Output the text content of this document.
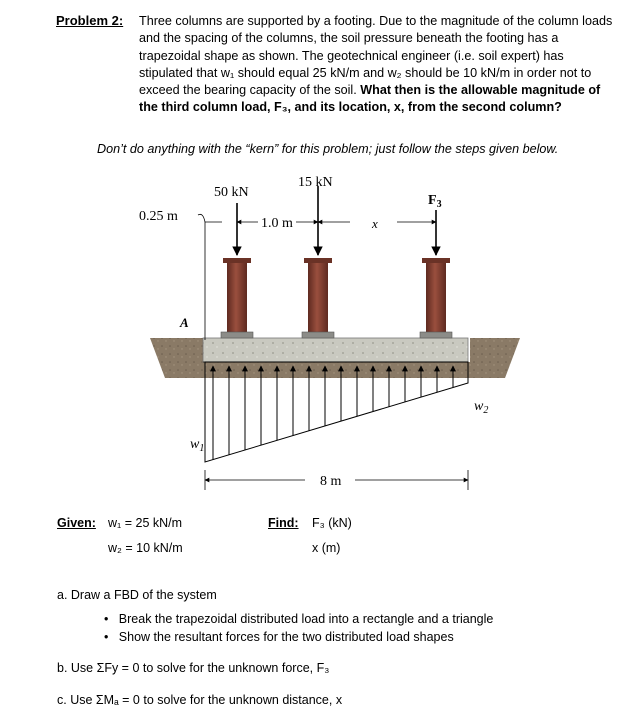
Problem 2: Three columns are supported by a footing. Due to the magnitude of the column loads and the spacing of the columns, the soil pressure beneath the footing has a trapezoidal shape as shown. The geotechnical engineer (i.e. soil expert) has stipulated that w₁ should equal 25 kN/m and w₂ should be 10 kN/m in order not to exceed the bearing capacity of the soil. What then is the allowable magnitude of the third column load, F₃, and its location, x, from the second column?
Don’t do anything with the “kern” for this problem; just follow the steps given below.
50 kN
15 kN
$F_3$
0.25 m	1.0 m	x
A
$w_1$
$w_2$
8 m
Given: w₁ = 25 kN/m
w₂ = 10 kN/m
Find: F₃ (kN)
x (m)
a. Draw a FBD of the system
•   Break the trapezoidal distributed load into a rectangle and a triangle
•   Show the resultant forces for the two distributed load shapes
b. Use ΣFy = 0 to solve for the unknown force, F₃
c. Use ΣMₐ = 0 to solve for the unknown distance, x
